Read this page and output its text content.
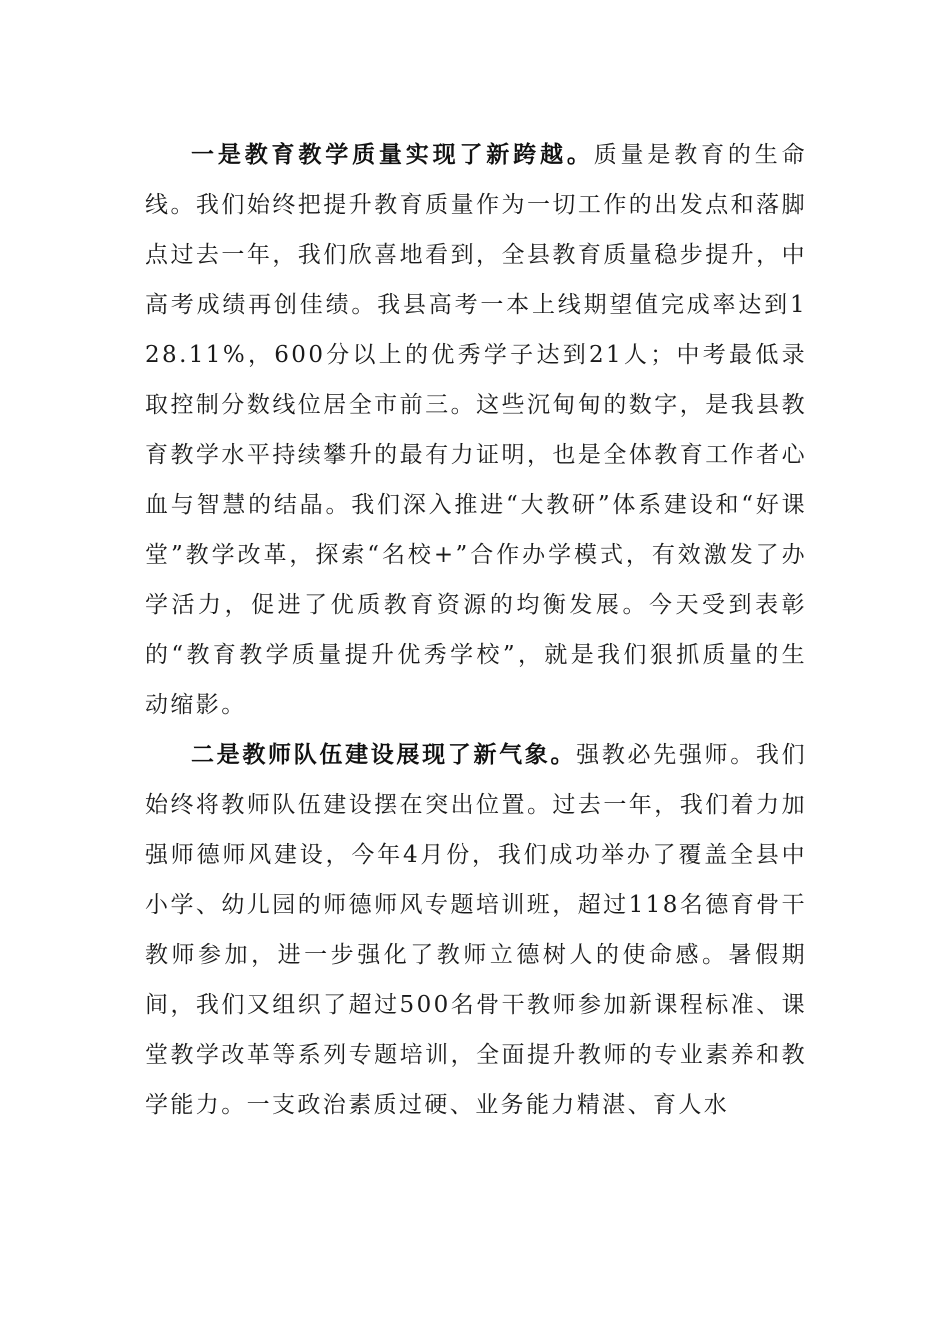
一是教育教学质量实现了新跨越。质量是教育的生命线。我们始终把提升教育质量作为一切工作的出发点和落脚点过去一年，我们欣喜地看到，全县教育质量稳步提升，中高考成绩再创佳绩。我县高考一本上线期望值完成率达到128.11%，600分以上的优秀学子达到21人；中考最低录取控制分数线位居全市前三。这些沉甸甸的数字，是我县教育教学水平持续攀升的最有力证明，也是全体教育工作者心血与智慧的结晶。我们深入推进“大教研”体系建设和“好课堂”教学改革，探索“名校+”合作办学模式，有效激发了办学活力，促进了优质教育资源的均衡发展。今天受到表彰的“教育教学质量提升优秀学校”，就是我们狠抓质量的生动缩影。

二是教师队伍建设展现了新气象。强教必先强师。我们始终将教师队伍建设摆在突出位置。过去一年，我们着力加强师德师风建设，今年4月份，我们成功举办了覆盖全县中小学、幼儿园的师德师风专题培训班，超过118名德育骨干教师参加，进一步强化了教师立德树人的使命感。暑假期间，我们又组织了超过500名骨干教师参加新课程标准、课堂教学改革等系列专题培训，全面提升教师的专业素养和教学能力。一支政治素质过硬、业务能力精湛、育人水
